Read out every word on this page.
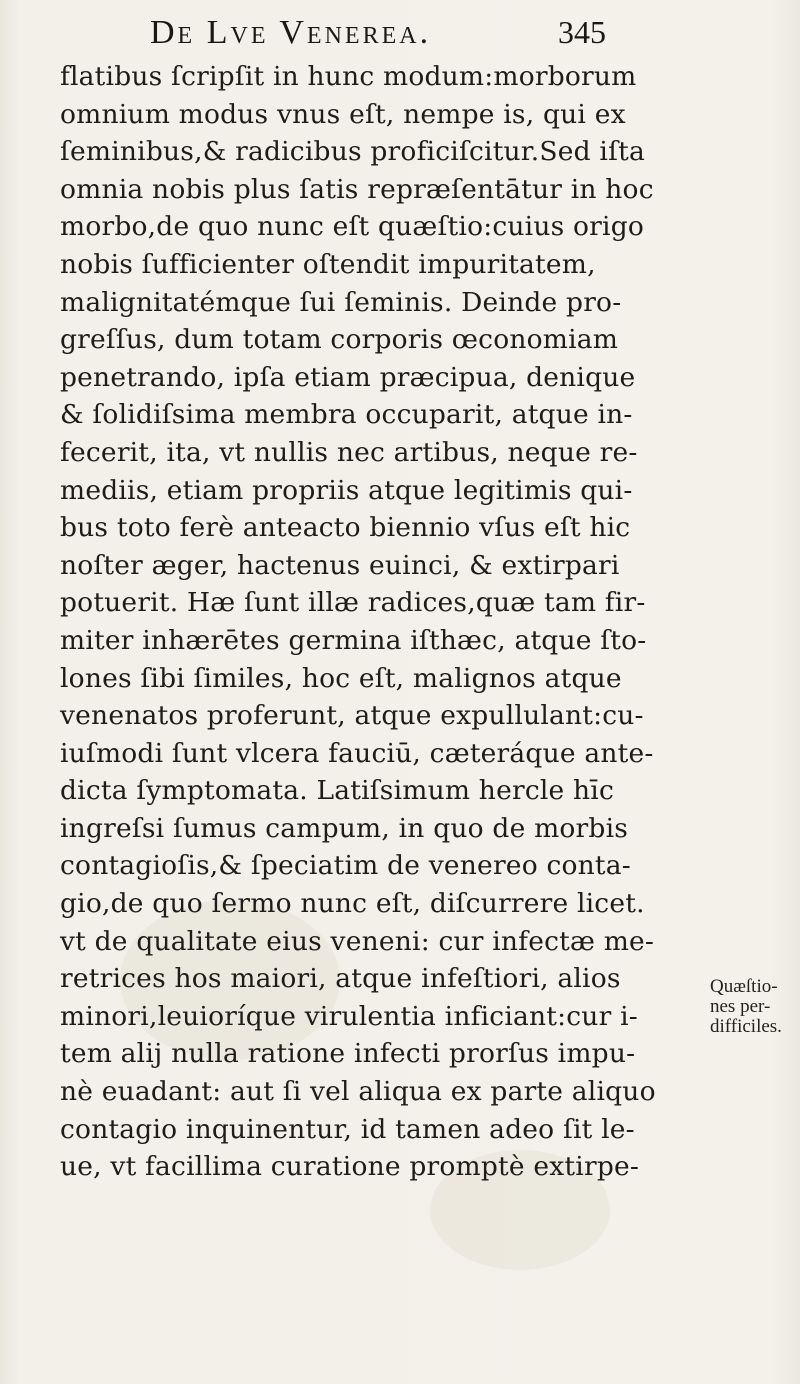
De Lve Venerea.	345
flatibus ſcripſit in hunc modum:morborum
omnium modus vnus eſt, nempe is, qui ex
ſeminibus,& radicibus proficiſcitur.Sed iſta
omnia nobis plus ſatis repræſentātur in hoc
morbo,de quo nunc eſt quæſtio:cuius origo
nobis ſufficienter oſtendit impuritatem,
malignitatémque ſui ſeminis. Deinde pro-
greſſus, dum totam corporis œconomiam
penetrando, ipſa etiam præcipua, denique
& ſolidiſsima membra occuparit, atque in-
fecerit, ita, vt nullis nec artibus, neque re-
mediis, etiam propriis atque legitimis qui-
bus toto ferè anteacto biennio vſus eſt hic
noſter æger, hactenus euinci, & extirpari
potuerit. Hæ ſunt illæ radices,quæ tam fir-
miter inhærētes germina iſthæc, atque ſto-
lones ſibi ſimiles, hoc eſt, malignos atque
venenatos proferunt, atque expullulant:cu-
iuſmodi ſunt vlcera fauciū, cæteráque ante-
dicta ſymptomata. Latiſsimum hercle hīc
ingreſsi ſumus campum, in quo de morbis
contagioſis,& ſpeciatim de venereo conta-
gio,de quo ſermo nunc eſt, diſcurrere licet.
vt de qualitate eius veneni: cur infectæ me-
retrices hos maiori, atque infeſtiori, alios
minori,leuioríque virulentia inficiant:cur i-
tem alij nulla ratione infecti prorſus impu-
nè euadant: aut ſi vel aliqua ex parte aliquo
contagio inquinentur, id tamen adeo ſit le-
ue, vt facillima curatione promptè extirpe-
Quæſtio-
nes per-
difficiles.
